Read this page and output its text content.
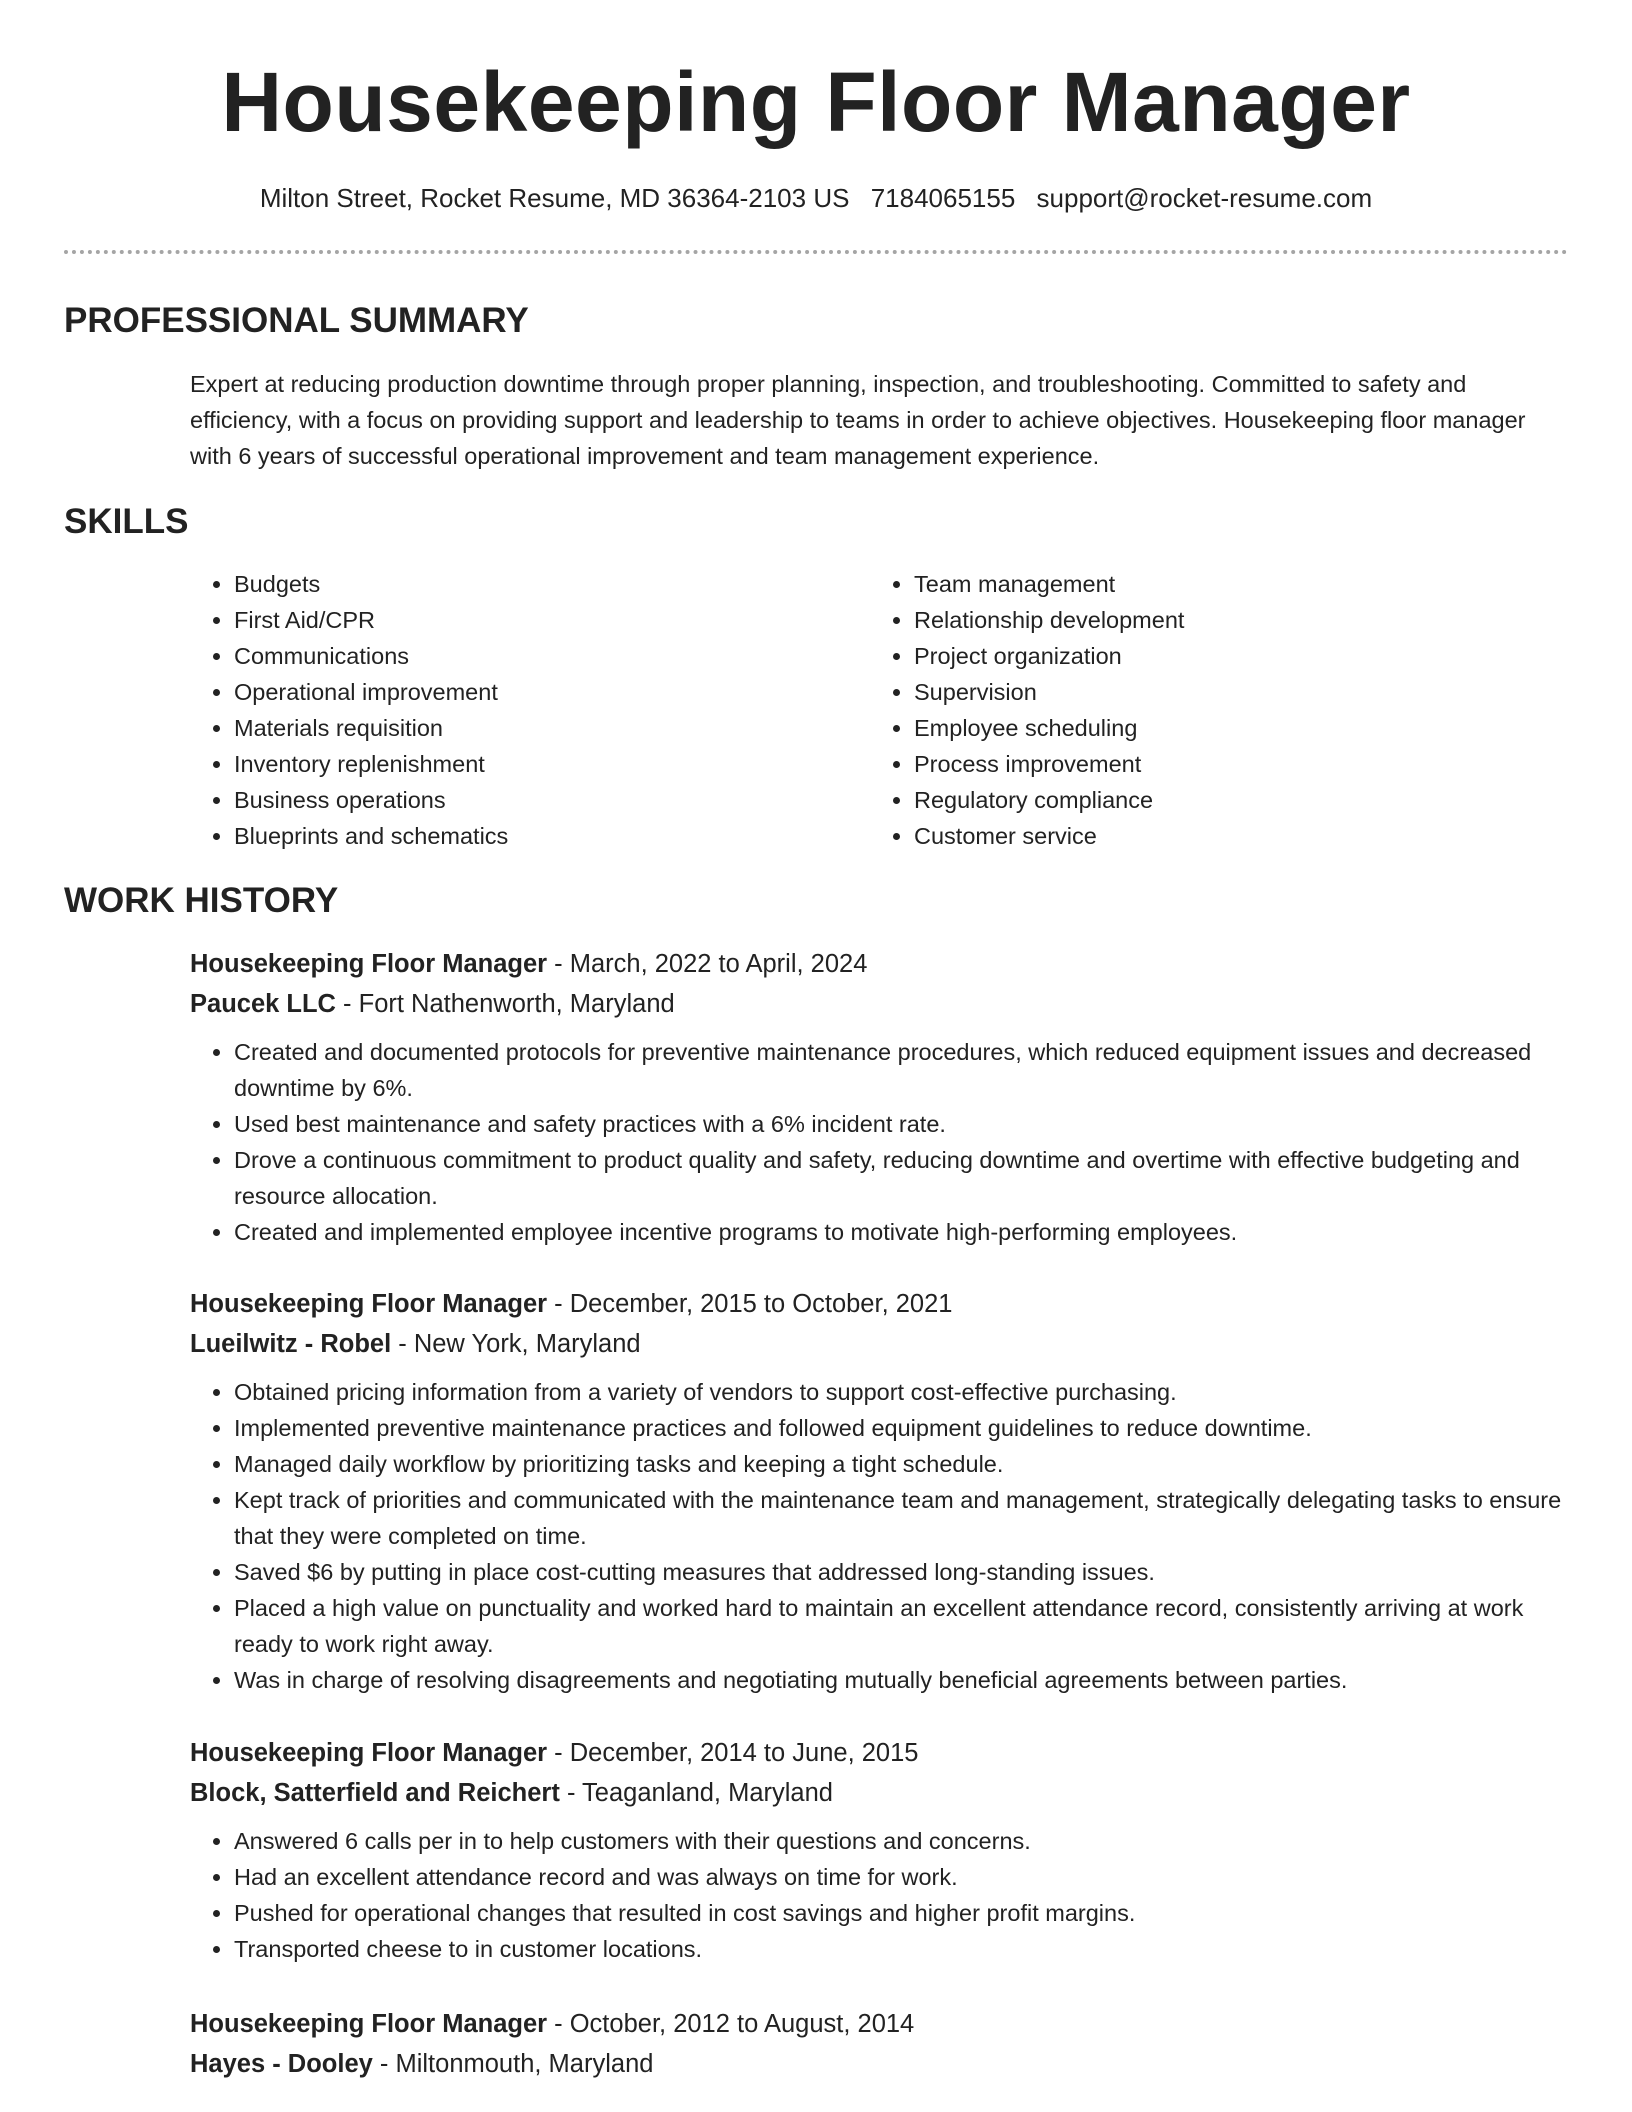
Housekeeping Floor Manager
Milton Street, Rocket Resume, MD 36364-2103 US 7184065155 support@rocket-resume.com
PROFESSIONAL SUMMARY

Expert at reducing production downtime through proper planning, inspection, and troubleshooting. Committed to safety and efficiency, with a focus on providing support and leadership to teams in order to achieve objectives. Housekeeping floor manager with 6 years of successful operational improvement and team management experience.

SKILLS
• Budgets
• First Aid/CPR
• Communications
• Operational improvement
• Materials requisition
• Inventory replenishment
• Business operations
• Blueprints and schematics
• Team management
• Relationship development
• Project organization
• Supervision
• Employee scheduling
• Process improvement
• Regulatory compliance
• Customer service
WORK HISTORY

Housekeeping Floor Manager - March, 2022 to April, 2024

Paucek LLC - Fort Nathenworth, Maryland

• Created and documented protocols for preventive maintenance procedures, which reduced equipment issues and decreased downtime by 6%.
• Used best maintenance and safety practices with a 6% incident rate.
• Drove a continuous commitment to product quality and safety, reducing downtime and overtime with effective budgeting and resource allocation.
• Created and implemented employee incentive programs to motivate high-performing employees.

Housekeeping Floor Manager - December, 2015 to October, 2021

Lueilwitz - Robel - New York, Maryland

• Obtained pricing information from a variety of vendors to support cost-effective purchasing.
• Implemented preventive maintenance practices and followed equipment guidelines to reduce downtime.
• Managed daily workflow by prioritizing tasks and keeping a tight schedule.
• Kept track of priorities and communicated with the maintenance team and management, strategically delegating tasks to ensure that they were completed on time.
• Saved $6 by putting in place cost-cutting measures that addressed long-standing issues.
• Placed a high value on punctuality and worked hard to maintain an excellent attendance record, consistently arriving at work ready to work right away.
• Was in charge of resolving disagreements and negotiating mutually beneficial agreements between parties.

Housekeeping Floor Manager - December, 2014 to June, 2015

Block, Satterfield and Reichert - Teaganland, Maryland

• Answered 6 calls per in to help customers with their questions and concerns.
• Had an excellent attendance record and was always on time for work.
• Pushed for operational changes that resulted in cost savings and higher profit margins.
• Transported cheese to in customer locations.

Housekeeping Floor Manager - October, 2012 to August, 2014

Hayes - Dooley - Miltonmouth, Maryland
